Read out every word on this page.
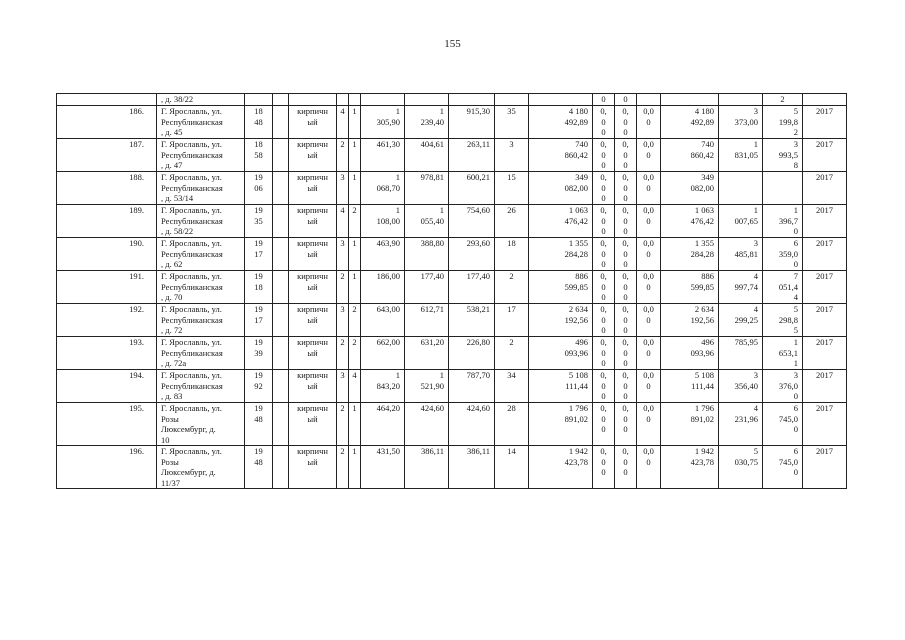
155
	, д. 38/22											0	0				2	
186.	Г. Ярославль, ул.
Республиканская
, д. 45	18
48		кирпичн
ый	4	1	1
305,90	1
239,40	915,30	35	4 180
492,89	0,
0
0	0,
0
0	0,0
0	4 180
492,89	3
373,00	5
199,8
2	2017
187.	Г. Ярославль, ул.
Республиканская
, д. 47	18
58		кирпичн
ый	2	1	461,30	404,61	263,11	3	740
860,42	0,
0
0	0,
0
0	0,0
0	740
860,42	1
831,05	3
993,5
8	2017
188.	Г. Ярославль, ул.
Республиканская
, д. 53/14	19
06		кирпичн
ый	3	1	1
068,70	978,81	600,21	15	349
082,00	0,
0
0	0,
0
0	0,0
0	349
082,00			2017
189.	Г. Ярославль, ул.
Республиканская
, д. 58/22	19
35		кирпичн
ый	4	2	1
108,00	1
055,40	754,60	26	1 063
476,42	0,
0
0	0,
0
0	0,0
0	1 063
476,42	1
007,65	1
396,7
0	2017
190.	Г. Ярославль, ул.
Республиканская
, д. 62	19
17		кирпичн
ый	3	1	463,90	388,80	293,60	18	1 355
284,28	0,
0
0	0,
0
0	0,0
0	1 355
284,28	3
485,81	6
359,0
0	2017
191.	Г. Ярославль, ул.
Республиканская
, д. 70	19
18		кирпичн
ый	2	1	186,00	177,40	177,40	2	886
599,85	0,
0
0	0,
0
0	0,0
0	886
599,85	4
997,74	7
051,4
4	2017
192.	Г. Ярославль, ул.
Республиканская
, д. 72	19
17		кирпичн
ый	3	2	643,00	612,71	538,21	17	2 634
192,56	0,
0
0	0,
0
0	0,0
0	2 634
192,56	4
299,25	5
298,8
5	2017
193.	Г. Ярославль, ул.
Республиканская
, д. 72а	19
39		кирпичн
ый	2	2	662,00	631,20	226,80	2	496
093,96	0,
0
0	0,
0
0	0,0
0	496
093,96	785,95	1
653,1
1	2017
194.	Г. Ярославль, ул.
Республиканская
, д. 83	19
92		кирпичн
ый	3	4	1
843,20	1
521,90	787,70	34	5 108
111,44	0,
0
0	0,
0
0	0,0
0	5 108
111,44	3
356,40	3
376,0
0	2017
195.	Г. Ярославль, ул.
Розы
Люксембург, д.
10	19
48		кирпичн
ый	2	1	464,20	424,60	424,60	28	1 796
891,02	0,
0
0	0,
0
0	0,0
0	1 796
891,02	4
231,96	6
745,0
0	2017
196.	Г. Ярославль, ул.
Розы
Люксембург, д.
11/37	19
48		кирпичн
ый	2	1	431,50	386,11	386,11	14	1 942
423,78	0,
0
0	0,
0
0	0,0
0	1 942
423,78	5
030,75	6
745,0
0	2017
